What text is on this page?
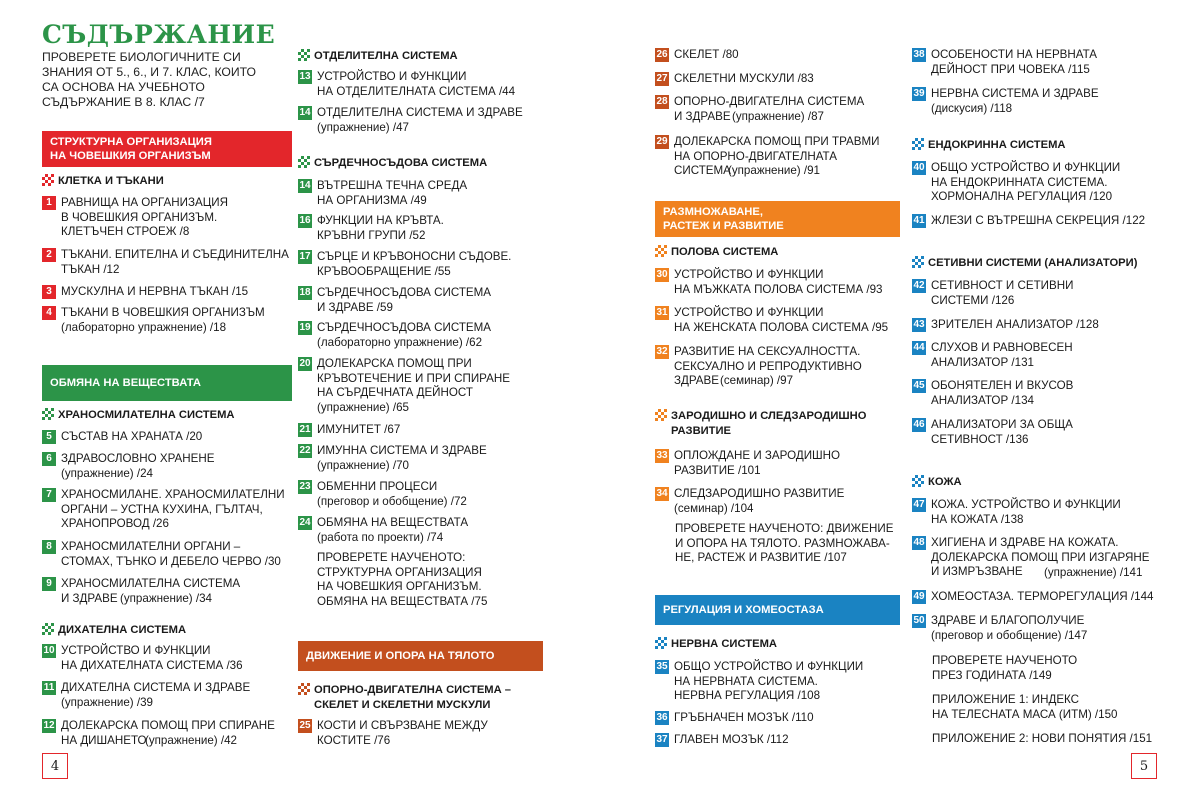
СЪДЪРЖАНИЕ
ПРОВЕРЕТЕ БИОЛОГИЧНИТЕ СИ
ЗНАНИЯ ОТ 5., 6., И 7. КЛАС, КОИТО
СА ОСНОВА НА УЧЕБНОТО
СЪДЪРЖАНИЕ В 8. КЛАС /7
СТРУКТУРНА ОРГАНИЗАЦИЯ
НА ЧОВЕШКИЯ ОРГАНИЗЪМ
КЛЕТКА И ТЪКАНИ
1 РАВНИЩА НА ОРГАНИЗАЦИЯ
В ЧОВЕШКИЯ ОРГАНИЗЪМ.
КЛЕТЪЧЕН СТРОЕЖ /8
2 ТЪКАНИ. ЕПИТЕЛНА И СЪЕДИНИТЕЛНА
ТЪКАН /12
3 МУСКУЛНА И НЕРВНА ТЪКАН /15
4 ТЪКАНИ В ЧОВЕШКИЯ ОРГАНИЗЪМ
(лабораторно упражнение) /18
ОБМЯНА НА ВЕЩЕСТВАТА
ХРАНОСМИЛАТЕЛНА СИСТЕМА
5 СЪСТАВ НА ХРАНАТА /20
6 ЗДРАВОСЛОВНО ХРАНЕНЕ
(упражнение) /24
7 ХРАНОСМИЛАНЕ. ХРАНОСМИЛАТЕЛНИ
ОРГАНИ – УСТНА КУХИНА, ГЪЛТАЧ,
ХРАНОПРОВОД /26
8 ХРАНОСМИЛАТЕЛНИ ОРГАНИ –
СТОМАХ, ТЪНКО И ДЕБЕЛО ЧЕРВО /30
9 ХРАНОСМИЛАТЕЛНА СИСТЕМА
И ЗДРАВЕ (упражнение) /34
ДИХАТЕЛНА СИСТЕМА
10 УСТРОЙСТВО И ФУНКЦИИ
НА ДИХАТЕЛНАТА СИСТЕМА /36
11 ДИХАТЕЛНА СИСТЕМА И ЗДРАВЕ
(упражнение) /39
12 ДОЛЕКАРСКА ПОМОЩ ПРИ СПИРАНЕ
НА ДИШАНЕТО
(упражнение) /42
4
ОТДЕЛИТЕЛНА СИСТЕМА
13 УСТРОЙСТВО И ФУНКЦИИ
НА ОТДЕЛИТЕЛНАТА СИСТЕМА /44
14 ОТДЕЛИТЕЛНА СИСТЕМА И ЗДРАВЕ
(упражнение) /47
СЪРДЕЧНОСЪДОВА СИСТЕМА
14 ВЪТРЕШНА ТЕЧНА СРЕДА
НА ОРГАНИЗМА /49
16 ФУНКЦИИ НА КРЪВТА.
КРЪВНИ ГРУПИ /52
17 СЪРЦЕ И КРЪВОНОСНИ СЪДОВЕ.
КРЪВООБРАЩЕНИЕ /55
18 СЪРДЕЧНОСЪДОВА СИСТЕМА
И ЗДРАВЕ /59
19 СЪРДЕЧНОСЪДОВА СИСТЕМА
(лабораторно упражнение) /62
20 ДОЛЕКАРСКА ПОМОЩ ПРИ
КРЪВОТЕЧЕНИЕ И ПРИ СПИРАНЕ
НА СЪРДЕЧНАТА ДЕЙНОСТ
(упражнение) /65
21 ИМУНИТЕТ /67
22 ИМУННА СИСТЕМА И ЗДРАВЕ
(упражнение) /70
23 ОБМЕННИ ПРОЦЕСИ
(преговор и обобщение) /72
24 ОБМЯНА НА ВЕЩЕСТВАТА
(работа по проекти) /74
ПРОВЕРЕТЕ НАУЧЕНОТО:
СТРУКТУРНА ОРГАНИЗАЦИЯ
НА ЧОВЕШКИЯ ОРГАНИЗЪМ.
ОБМЯНА НА ВЕЩЕСТВАТА /75
ДВИЖЕНИЕ И ОПОРА НА ТЯЛОТО
ОПОРНО-ДВИГАТЕЛНА СИСТЕМА –
СКЕЛЕТ И СКЕЛЕТНИ МУСКУЛИ
25 КОСТИ И СВЪРЗВАНЕ МЕЖДУ
КОСТИТЕ /76
26 СКЕЛЕТ /80
27 СКЕЛЕТНИ МУСКУЛИ /83
28 ОПОРНО-ДВИГАТЕЛНА СИСТЕМА
И ЗДРАВЕ (упражнение) /87
29 ДОЛЕКАРСКА ПОМОЩ ПРИ ТРАВМИ
НА ОПОРНО-ДВИГАТЕЛНАТА
СИСТЕМА
(упражнение) /91
РАЗМНОЖАВАНЕ,
РАСТЕЖ И РАЗВИТИЕ
ПОЛОВА СИСТЕМА
30 УСТРОЙСТВО И ФУНКЦИИ
НА МЪЖКАТА ПОЛОВА СИСТЕМА /93
31 УСТРОЙСТВО И ФУНКЦИИ
НА ЖЕНСКАТА ПОЛОВА СИСТЕМА /95
32 РАЗВИТИЕ НА СЕКСУАЛНОСТТА.
СЕКСУАЛНО И РЕПРОДУКТИВНО
ЗДРАВЕ (семинар) /97
ЗАРОДИШНО И СЛЕДЗАРОДИШНО
РАЗВИТИЕ
33 ОПЛОЖДАНЕ И ЗАРОДИШНО
РАЗВИТИЕ /101
34 СЛЕДЗАРОДИШНО РАЗВИТИЕ
(семинар) /104
ПРОВЕРЕТЕ НАУЧЕНОТО: ДВИЖЕНИЕ
И ОПОРА НА ТЯЛОТО. РАЗМНОЖАВА-
НЕ, РАСТЕЖ И РАЗВИТИЕ /107
РЕГУЛАЦИЯ И ХОМЕОСТАЗА
НЕРВНА СИСТЕМА
35 ОБЩО УСТРОЙСТВО И ФУНКЦИИ
НА НЕРВНАТА СИСТЕМА.
НЕРВНА РЕГУЛАЦИЯ /108
36 ГРЪБНАЧЕН МОЗЪК /110
37 ГЛАВЕН МОЗЪК /112
38 ОСОБЕНОСТИ НА НЕРВНАТА
ДЕЙНОСТ ПРИ ЧОВЕКА /115
39 НЕРВНА СИСТЕМА И ЗДРАВЕ
(дискусия) /118
ЕНДОКРИННА СИСТЕМА
40 ОБЩО УСТРОЙСТВО И ФУНКЦИИ
НА ЕНДОКРИННАТА СИСТЕМА.
ХОРМОНАЛНА РЕГУЛАЦИЯ /120
41 ЖЛЕЗИ С ВЪТРЕШНА СЕКРЕЦИЯ /122
СЕТИВНИ СИСТЕМИ (АНАЛИЗАТОРИ)
42 СЕТИВНОСТ И СЕТИВНИ
СИСТЕМИ /126
43 ЗРИТЕЛЕН АНАЛИЗАТОР /128
44 СЛУХОВ И РАВНОВЕСЕН
АНАЛИЗАТОР /131
45 ОБОНЯТЕЛЕН И ВКУСОВ
АНАЛИЗАТОР /134
46 АНАЛИЗАТОРИ ЗА ОБЩА
СЕТИВНОСТ /136
КОЖА
47 КОЖА. УСТРОЙСТВО И ФУНКЦИИ
НА КОЖАТА /138
48 ХИГИЕНА И ЗДРАВЕ НА КОЖАТА.
ДОЛЕКАРСКА ПОМОЩ ПРИ ИЗГАРЯНЕ
И ИЗМРЪЗВАНЕ	(упражнение) /141
49 ХОМЕОСТАЗА. ТЕРМОРЕГУЛАЦИЯ /144
50 ЗДРАВЕ И БЛАГОПОЛУЧИЕ
(преговор и обобщение) /147
ПРОВЕРЕТЕ НАУЧЕНОТО
ПРЕЗ ГОДИНАТА /149
ПРИЛОЖЕНИЕ 1: ИНДЕКС
НА ТЕЛЕСНАТА МАСА (ИТМ) /150
ПРИЛОЖЕНИЕ 2: НОВИ ПОНЯТИЯ /151
5
